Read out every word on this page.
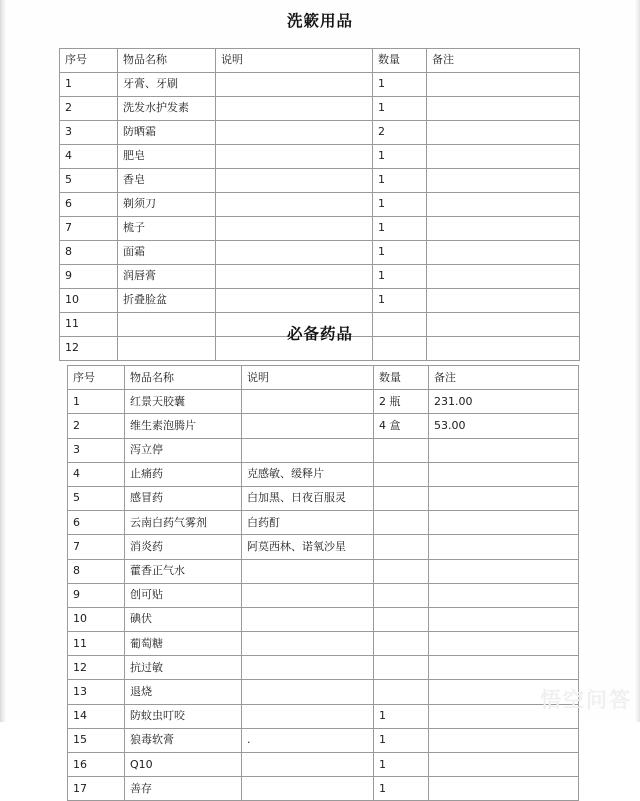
洗簌用品
序号	物品名称	说明	数量	备注
1	牙膏、牙刷		1	
2	洗发水护发素		1	
3	防晒霜		2	
4	肥皂		1	
5	香皂		1	
6	剃须刀		1	
7	梳子		1	
8	面霜		1	
9	润唇膏		1	
10	折叠脸盆		1	
11				
12				
必备药品
序号	物品名称	说明	数量	备注
1	红景天胶囊		2 瓶	231.00
2	维生素泡腾片		4 盒	53.00
3	泻立停			
4	止痛药	克感敏、缓释片		
5	感冒药	白加黑、日夜百服灵		
6	云南白药气雾剂	白药酊		
7	消炎药	阿莫西林、诺氧沙星		
8	藿香正气水			
9	创可贴			
10	碘伏			
11	葡萄糖			
12	抗过敏			
13	退烧			
14	防蚊虫叮咬		1	
15	狼毒软膏	.	1	
16	Q10		1	
17	善存		1	
悟空问答
